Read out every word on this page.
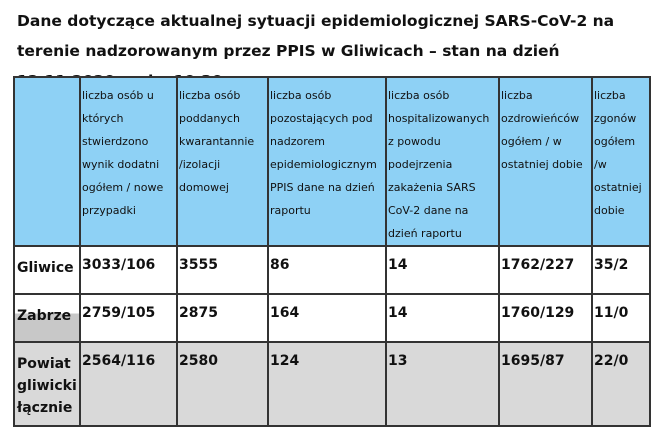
Dane dotyczące aktualnej sytuacji epidemiologicznej SARS-CoV-2 na terenie nadzorowanym przez PPIS w Gliwicach – stan na dzień
	liczba osób u których stwierdzono wynik dodatni ogółem / nowe przypadki	liczba osób poddanych kwarantannie /izolacji domowej	liczba osób pozostających pod nadzorem epidemiologicznym PPIS dane na dzień raportu	liczba osób hospitalizowanych z powodu podejrzenia zakażenia SARS CoV-2 dane na dzień raportu	liczba ozdrowieńców ogółem / w ostatniej dobie	liczba zgonów ogółem /w ostatniej dobie
Gliwice	3033/106	3555	86	14	1762/227	35/2
Zabrze	2759/105	2875	164	14	1760/129	11/0
Powiat gliwicki łącznie	2564/116	2580	124	13	1695/87	22/0
